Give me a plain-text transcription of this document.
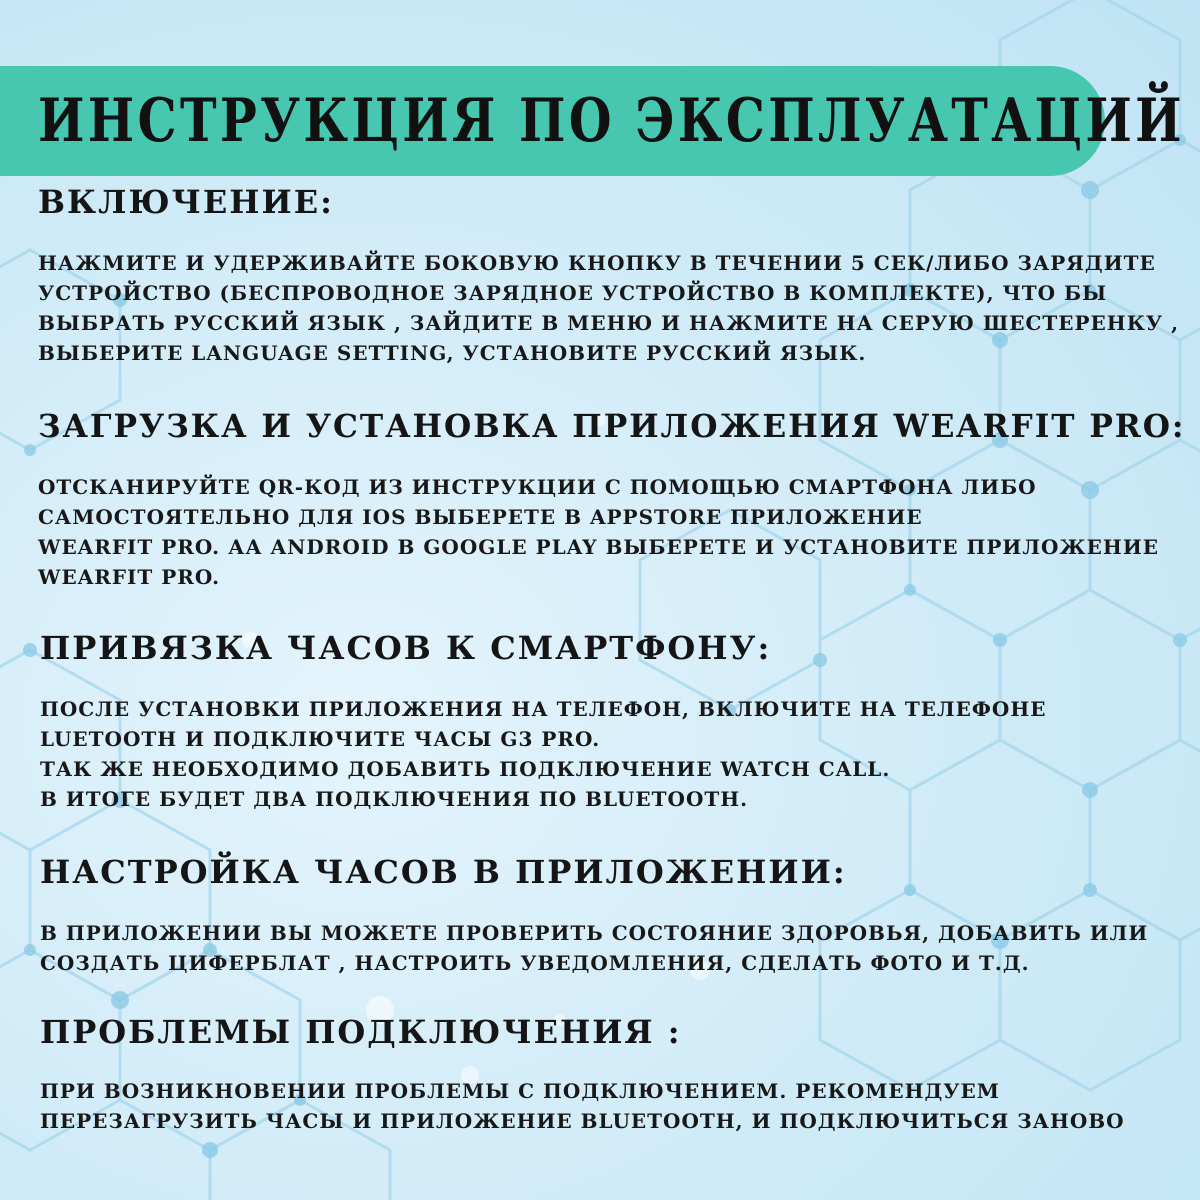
ИНСТРУКЦИЯ ПО ЭКСПЛУАТАЦИЙ
ВКЛЮЧЕНИЕ:
НАЖМИТЕ И УДЕРЖИВАЙТЕ БОКОВУЮ КНОПКУ В ТЕЧЕНИИ 5 СЕК/ЛИБО ЗАРЯДИТЕ
УСТРОЙСТВО (БЕСПРОВОДНОЕ ЗАРЯДНОЕ УСТРОЙСТВО В КОМПЛЕКТЕ), ЧТО БЫ
ВЫБРАТЬ РУССКИЙ ЯЗЫК , ЗАЙДИТЕ В МЕНЮ И НАЖМИТЕ НА СЕРУЮ ШЕСТЕРЕНКУ ,
ВЫБЕРИТЕ LANGUAGE SETTING, УСТАНОВИТЕ РУССКИЙ ЯЗЫК.
ЗАГРУЗКА И УСТАНОВКА ПРИЛОЖЕНИЯ WEARFIT PRO:
ОТСКАНИРУЙТЕ QR-КОД ИЗ ИНСТРУКЦИИ С ПОМОЩЬЮ СМАРТФОНА ЛИБО
САМОСТОЯТЕЛЬНО ДЛЯ IOS ВЫБЕРЕТЕ В APPSTORE ПРИЛОЖЕНИЕ
WEARFIT PRO. АА ANDROID В GOOGLE PLAY ВЫБЕРЕТЕ И УСТАНОВИТЕ ПРИЛОЖЕНИЕ
WEARFIT PRO.
ПРИВЯЗКА ЧАСОВ К СМАРТФОНУ:
ПОСЛЕ УСТАНОВКИ ПРИЛОЖЕНИЯ НА ТЕЛЕФОН, ВКЛЮЧИТЕ НА ТЕЛЕФОНЕ
LUETOOTH И ПОДКЛЮЧИТЕ ЧАСЫ G3 PRO.
ТАК ЖЕ НЕОБХОДИМО ДОБАВИТЬ ПОДКЛЮЧЕНИЕ WATCH CALL.
В ИТОГЕ БУДЕТ ДВА ПОДКЛЮЧЕНИЯ ПО BLUETOOTH.
НАСТРОЙКА ЧАСОВ В ПРИЛОЖЕНИИ:
В ПРИЛОЖЕНИИ ВЫ МОЖЕТЕ ПРОВЕРИТЬ СОСТОЯНИЕ ЗДОРОВЬЯ, ДОБАВИТЬ ИЛИ
СОЗДАТЬ ЦИФЕРБЛАТ , НАСТРОИТЬ УВЕДОМЛЕНИЯ, СДЕЛАТЬ ФОТО И Т.Д.
ПРОБЛЕМЫ ПОДКЛЮЧЕНИЯ :
ПРИ ВОЗНИКНОВЕНИИ ПРОБЛЕМЫ С ПОДКЛЮЧЕНИЕМ. РЕКОМЕНДУЕМ
ПЕРЕЗАГРУЗИТЬ ЧАСЫ И ПРИЛОЖЕНИЕ BLUETOOTH, И ПОДКЛЮЧИТЬСЯ ЗАНОВО
